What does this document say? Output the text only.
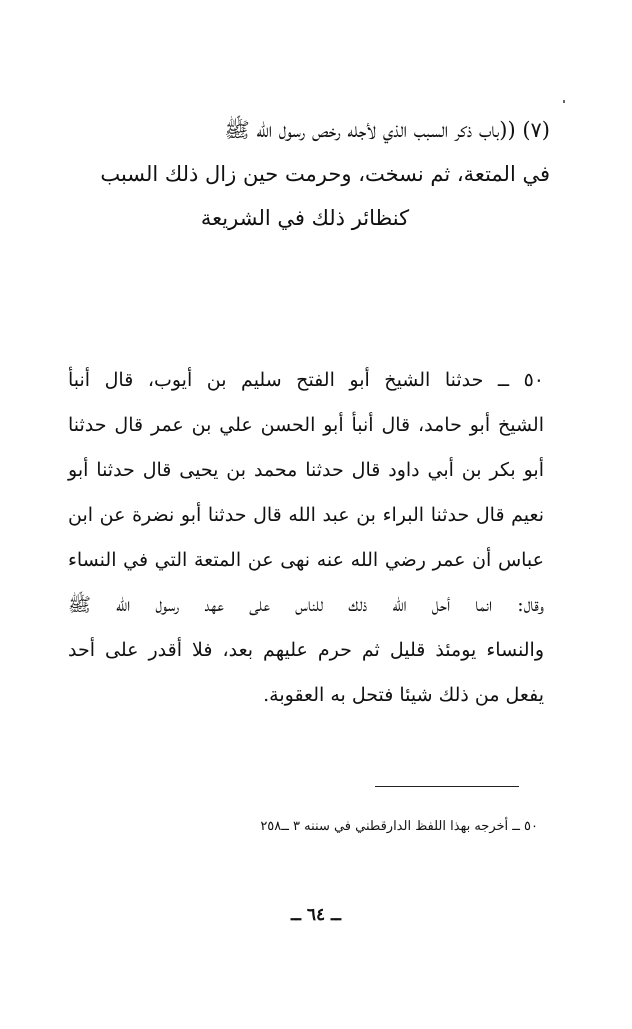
(٧) ((باب ذكر السبب الذي لأجله رخص رسول الله ﷺ
في المتعة، ثم نسخت، وحرمت حين زال ذلك السبب
كنظائر ذلك في الشريعة
٥٠ ــ حدثنا الشيخ أبو الفتح سليم بن أيوب، قال أنبأ
الشيخ أبو حامد، قال أنبأ أبو الحسن علي بن عمر قال حدثنا
أبو بكر بن أبي داود قال حدثنا محمد بن يحيى قال حدثنا أبو
نعيم قال حدثنا البراء بن عبد الله قال حدثنا أبو نضرة عن ابن
عباس أن عمر رضي الله عنه نهى عن المتعة التي في النساء
وقال: انما أحل الله ذلك للناس على عهد رسول الله ﷺ
والنساء يومئذ قليل ثم حرم عليهم بعد، فلا أقدر على أحد
يفعل من ذلك شيئا فتحل به العقوبة.
٥٠ ــ أخرجه بهذا اللفظ الدارقطني في سننه ٣ ــ٢٥٨
ــ ٦٤ ــ
